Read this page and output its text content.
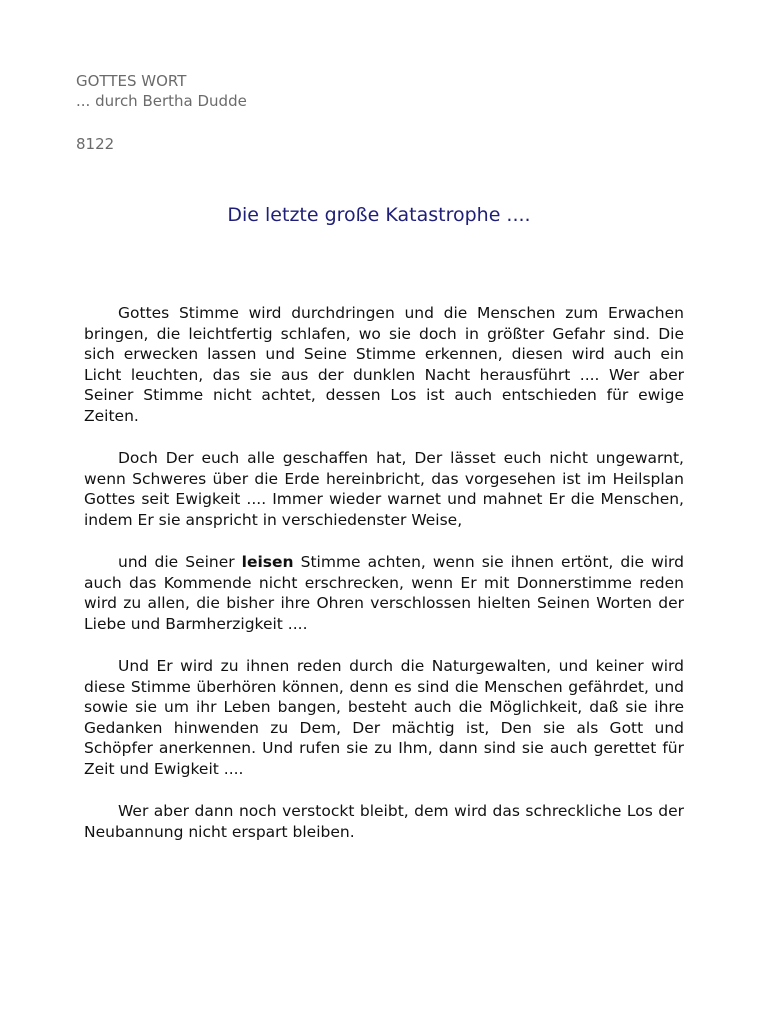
GOTTES WORT
... durch Bertha Dudde
8122
Die letzte große Katastrophe ....

Gottes Stimme wird durchdringen und die Menschen zum Erwachen bringen, die leichtfertig schlafen, wo sie doch in größter Gefahr sind. Die sich erwecken lassen und Seine Stimme erkennen, diesen wird auch ein Licht leuchten, das sie aus der dunklen Nacht herausführt .... Wer aber Seiner Stimme nicht achtet, dessen Los ist auch entschieden für ewige Zeiten.

Doch Der euch alle geschaffen hat, Der lässet euch nicht ungewarnt, wenn Schweres über die Erde hereinbricht, das vorgesehen ist im Heilsplan Gottes seit Ewigkeit .... Immer wieder warnet und mahnet Er die Menschen, indem Er sie anspricht in verschiedenster Weise,

und die Seiner leisen Stimme achten, wenn sie ihnen ertönt, die wird auch das Kommende nicht erschrecken, wenn Er mit Donnerstimme reden wird zu allen, die bisher ihre Ohren verschlossen hielten Seinen Worten der Liebe und Barmherzigkeit ....

Und Er wird zu ihnen reden durch die Naturgewalten, und keiner wird diese Stimme überhören können, denn es sind die Menschen gefährdet, und sowie sie um ihr Leben bangen, besteht auch die Möglichkeit, daß sie ihre Gedanken hinwenden zu Dem, Der mächtig ist, Den sie als Gott und Schöpfer anerkennen. Und rufen sie zu Ihm, dann sind sie auch gerettet für Zeit und Ewigkeit ....

Wer aber dann noch verstockt bleibt, dem wird das schreckliche Los der Neubannung nicht erspart bleiben.
